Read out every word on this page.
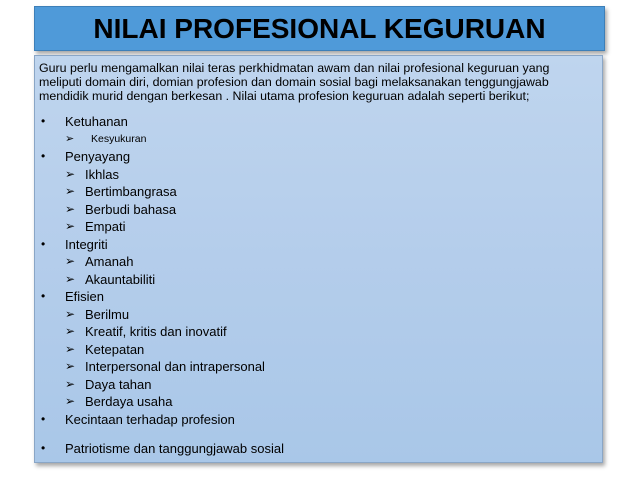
NILAI PROFESIONAL KEGURUAN

Guru perlu mengamalkan nilai teras perkhidmatan awam dan nilai profesional keguruan yang
meliputi domain diri, domian profesion dan domain sosial bagi melaksanakan tenggungjawab
mendidik murid dengan berkesan . Nilai utama profesion keguruan adalah seperti berikut;

• Ketuhanan
➢ Kesyukuran
• Penyayang
➢ Ikhlas
➢ Bertimbangrasa
➢ Berbudi bahasa
➢ Empati
• Integriti
➢ Amanah
➢ Akauntabiliti
• Efisien
➢ Berilmu
➢ Kreatif, kritis dan inovatif
➢ Ketepatan
➢ Interpersonal dan intrapersonal
➢ Daya tahan
➢ Berdaya usaha
• Kecintaan terhadap profesion
• Patriotisme dan tanggungjawab sosial
